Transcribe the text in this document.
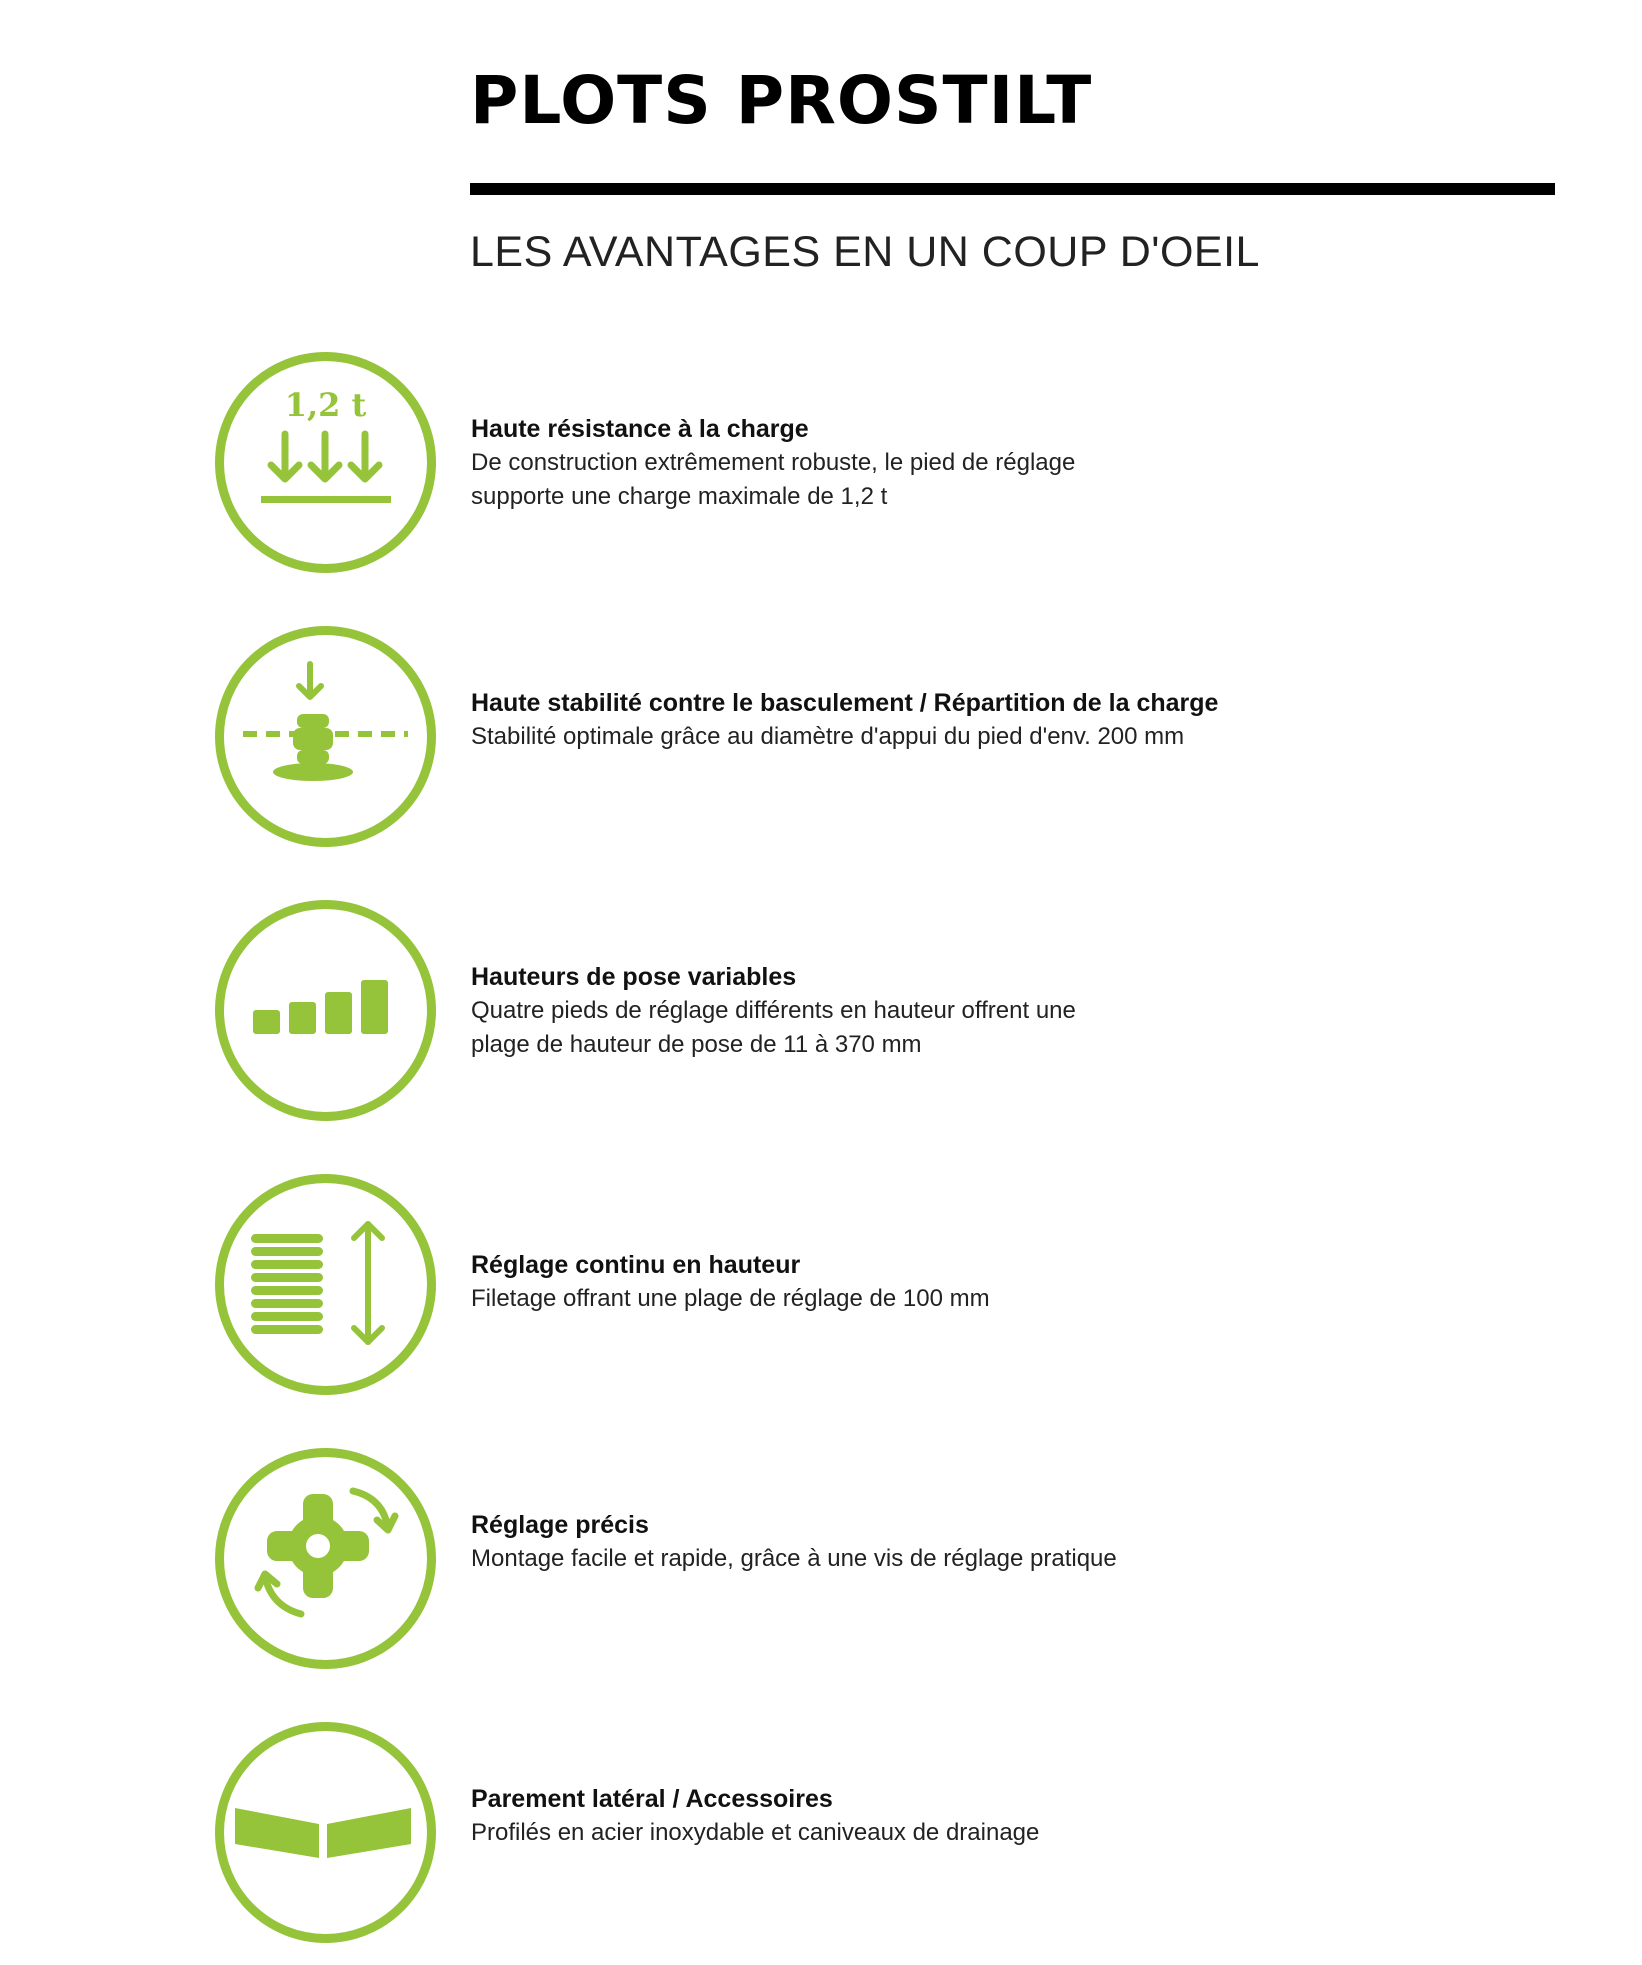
PLOTS PROSTILT
LES AVANTAGES EN UN COUP D'OEIL
1,2 t
Haute résistance à la charge

De construction extrêmement robuste, le pied de réglage
supporte une charge maximale de 1,2 t

Haute stabilité contre le basculement / Répartition de la charge

Stabilité optimale grâce au diamètre d'appui du pied d'env. 200 mm

Hauteurs de pose variables

Quatre pieds de réglage différents en hauteur offrent une
plage de hauteur de pose de 11 à 370 mm

Réglage continu en hauteur

Filetage offrant une plage de réglage de 100 mm

Réglage précis

Montage facile et rapide, grâce à une vis de réglage pratique

Parement latéral / Accessoires

Profilés en acier inoxydable et caniveaux de drainage
